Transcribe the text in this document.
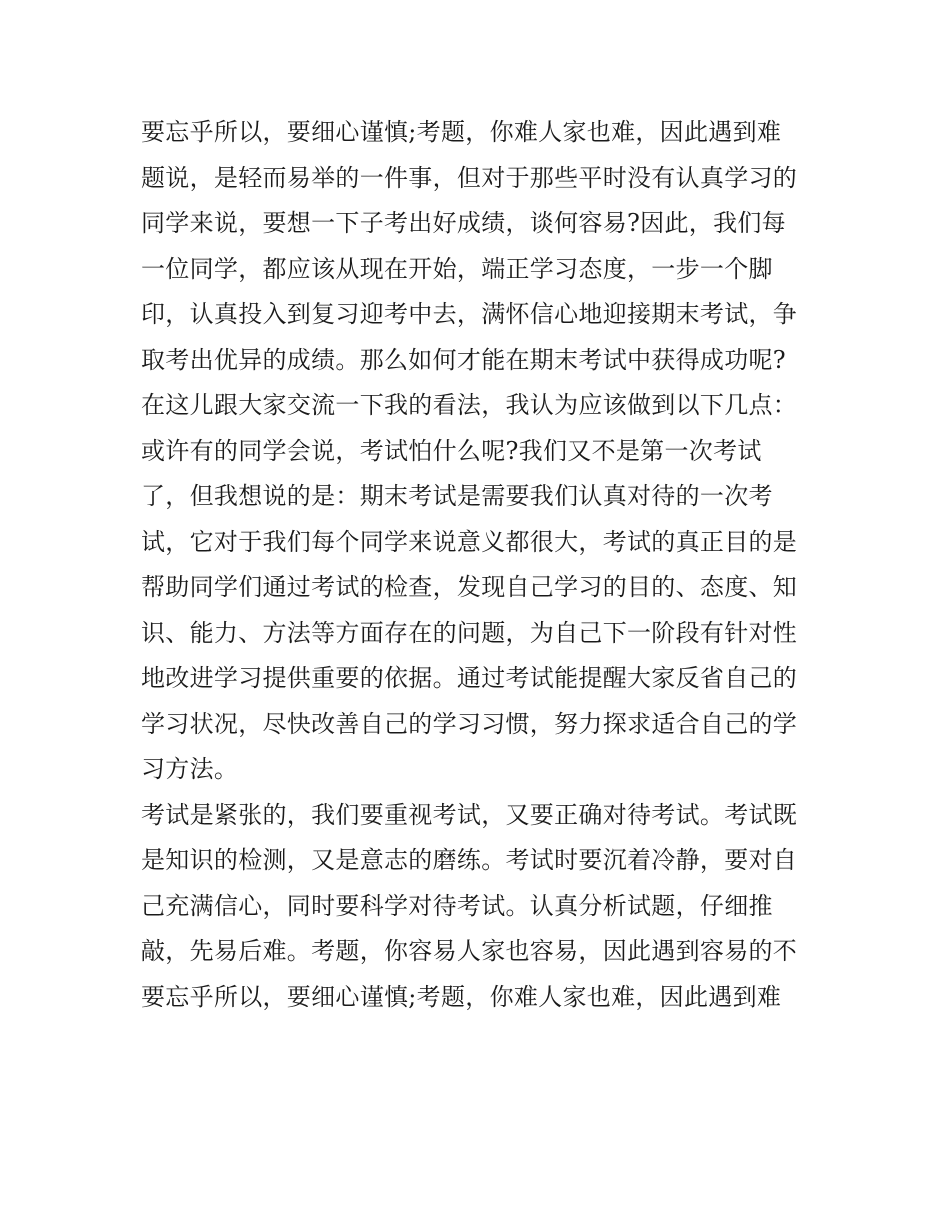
要忘乎所以，要细心谨慎;考题，你难人家也难，因此遇到难
题说，是轻而易举的一件事，但对于那些平时没有认真学习的
同学来说，要想一下子考出好成绩，谈何容易?因此，我们每
一位同学，都应该从现在开始，端正学习态度，一步一个脚
印，认真投入到复习迎考中去，满怀信心地迎接期末考试，争
取考出优异的成绩。那么如何才能在期末考试中获得成功呢?
在这儿跟大家交流一下我的看法，我认为应该做到以下几点：
或许有的同学会说，考试怕什么呢?我们又不是第一次考试
了，但我想说的是：期末考试是需要我们认真对待的一次考
试，它对于我们每个同学来说意义都很大，考试的真正目的是
帮助同学们通过考试的检查，发现自己学习的目的、态度、知
识、能力、方法等方面存在的问题，为自己下一阶段有针对性
地改进学习提供重要的依据。通过考试能提醒大家反省自己的
学习状况，尽快改善自己的学习习惯，努力探求适合自己的学
习方法。
考试是紧张的，我们要重视考试，又要正确对待考试。考试既
是知识的检测，又是意志的磨练。考试时要沉着冷静，要对自
己充满信心，同时要科学对待考试。认真分析试题，仔细推
敲，先易后难。考题，你容易人家也容易，因此遇到容易的不
要忘乎所以，要细心谨慎;考题，你难人家也难，因此遇到难
